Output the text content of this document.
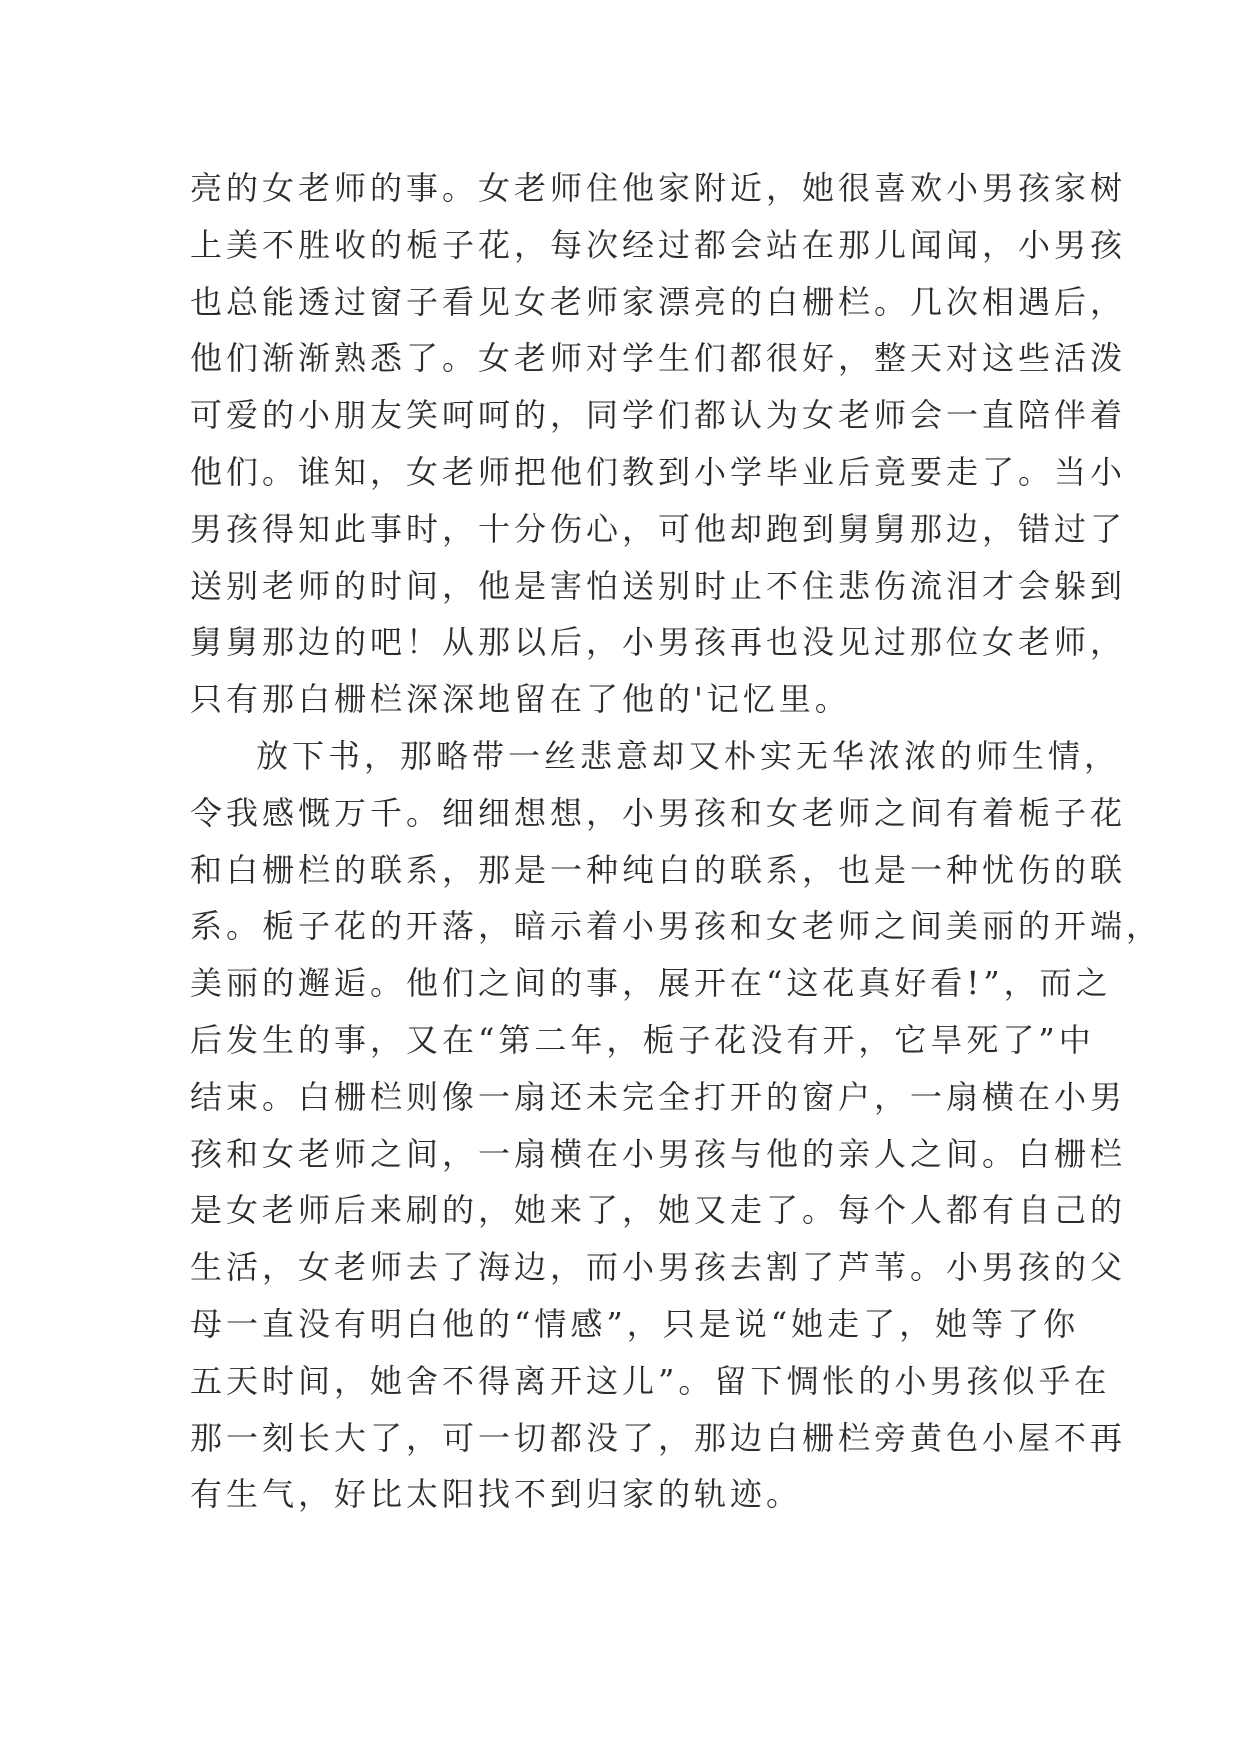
亮的女老师的事。女老师住他家附近，她很喜欢小男孩家树
上美不胜收的栀子花，每次经过都会站在那儿闻闻，小男孩
也总能透过窗子看见女老师家漂亮的白栅栏。几次相遇后，
他们渐渐熟悉了。女老师对学生们都很好，整天对这些活泼
可爱的小朋友笑呵呵的，同学们都认为女老师会一直陪伴着
他们。谁知，女老师把他们教到小学毕业后竟要走了。当小
男孩得知此事时，十分伤心，可他却跑到舅舅那边，错过了
送别老师的时间，他是害怕送别时止不住悲伤流泪才会躲到
舅舅那边的吧！从那以后，小男孩再也没见过那位女老师，
只有那白栅栏深深地留在了他的'记忆里。
放下书，那略带一丝悲意却又朴实无华浓浓的师生情，
令我感慨万千。细细想想，小男孩和女老师之间有着栀子花
和白栅栏的联系，那是一种纯白的联系，也是一种忧伤的联
系。栀子花的开落，暗示着小男孩和女老师之间美丽的开端，
美丽的邂逅。他们之间的事，展开在“这花真好看!”，而之
后发生的事，又在“第二年，栀子花没有开，它旱死了”中
结束。白栅栏则像一扇还未完全打开的窗户，一扇横在小男
孩和女老师之间，一扇横在小男孩与他的亲人之间。白栅栏
是女老师后来刷的，她来了，她又走了。每个人都有自己的
生活，女老师去了海边，而小男孩去割了芦苇。小男孩的父
母一直没有明白他的“情感”，只是说“她走了，她等了你
五天时间，她舍不得离开这儿”。留下惆怅的小男孩似乎在
那一刻长大了，可一切都没了，那边白栅栏旁黄色小屋不再
有生气，好比太阳找不到归家的轨迹。
